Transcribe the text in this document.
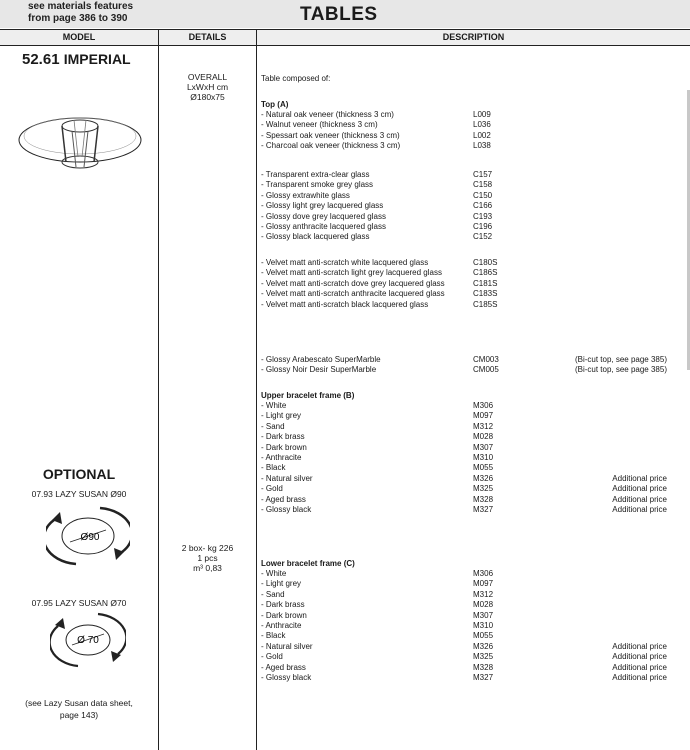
see materials features
from page 386 to 390	TABLES
MODEL	DETAILS	DESCRIPTION
52.61 IMPERIAL
OPTIONAL
07.93 LAZY SUSAN Ø90
Ø90
07.95 LAZY SUSAN Ø70
Ø 70
(see Lazy Susan data sheet,
page 143)
OVERALL
LxWxH cm
Ø180x75
2 box- kg 226
1 pcs
m³ 0,83
Table composed of:
Top (A)
- Natural oak veneer (thickness 3 cm)	L009
- Walnut veneer (thickness 3 cm)	L036
- Spessart oak veneer (thickness 3 cm)	L002
- Charcoal oak veneer (thickness 3 cm)	L038
- Transparent extra-clear glass	C157
- Transparent smoke grey glass	C158
- Glossy extrawhite glass	C150
- Glossy light grey lacquered glass	C166
- Glossy dove grey lacquered glass	C193
- Glossy anthracite lacquered glass	C196
- Glossy black lacquered glass	C152
- Velvet matt anti-scratch white lacquered glass	C180S
- Velvet matt anti-scratch light grey lacquered glass	C186S
- Velvet matt anti-scratch dove grey lacquered glass	C181S
- Velvet matt anti-scratch anthracite lacquered glass	C183S
- Velvet matt anti-scratch black lacquered glass	C185S
- Glossy Arabescato SuperMarble	CM003	(Bi-cut top, see page 385)
- Glossy Noir Desir SuperMarble	CM005	(Bi-cut top, see page 385)
Upper bracelet frame (B)
- White	M306
- Light grey	M097
- Sand	M312
- Dark brass	M028
- Dark brown	M307
- Anthracite	M310
- Black	M055
- Natural silver	M326	Additional price
- Gold	M325	Additional price
- Aged brass	M328	Additional price
- Glossy black	M327	Additional price
Lower bracelet frame (C)
- White	M306
- Light grey	M097
- Sand	M312
- Dark brass	M028
- Dark brown	M307
- Anthracite	M310
- Black	M055
- Natural silver	M326	Additional price
- Gold	M325	Additional price
- Aged brass	M328	Additional price
- Glossy black	M327	Additional price
